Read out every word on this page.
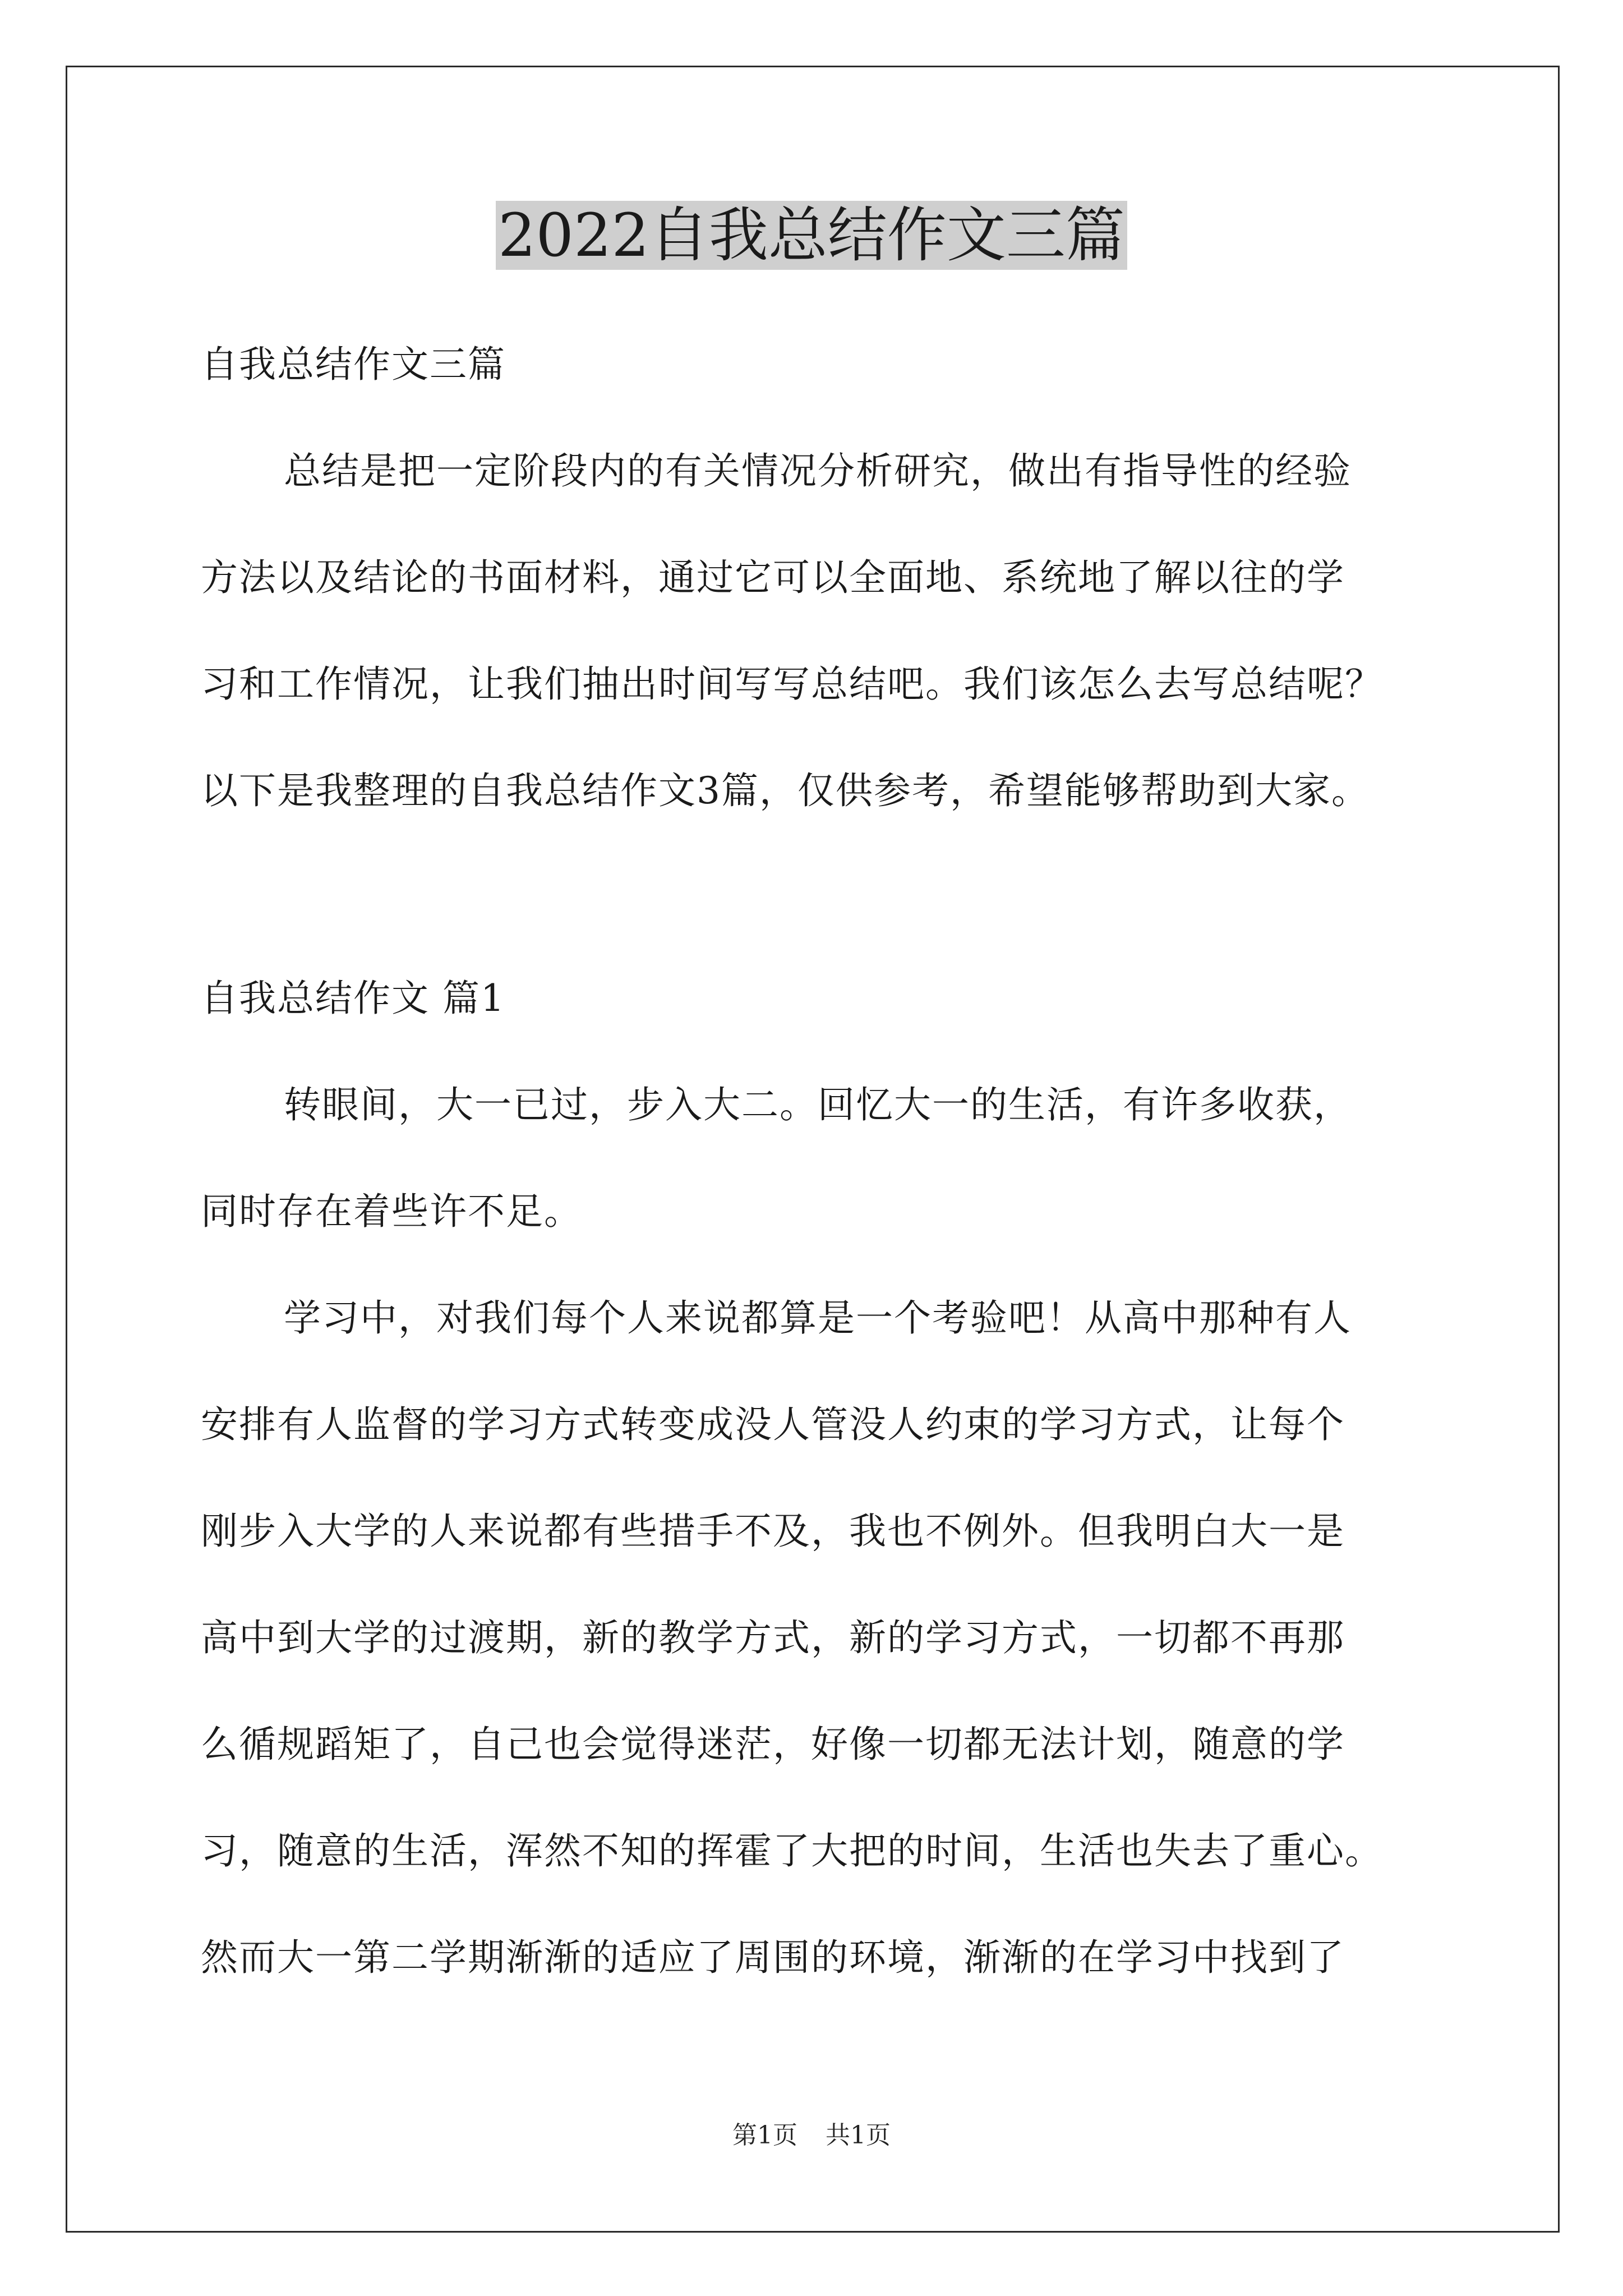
2022自我总结作文三篇
自我总结作文三篇
总结是把一定阶段内的有关情况分析研究，做出有指导性的经验
方法以及结论的书面材料，通过它可以全面地、系统地了解以往的学
习和工作情况，让我们抽出时间写写总结吧。我们该怎么去写总结呢？
以下是我整理的自我总结作文3篇，仅供参考，希望能够帮助到大家。
自我总结作文 篇1
转眼间，大一已过，步入大二。回忆大一的生活，有许多收获，
同时存在着些许不足。
学习中，对我们每个人来说都算是一个考验吧！从高中那种有人
安排有人监督的学习方式转变成没人管没人约束的学习方式，让每个
刚步入大学的人来说都有些措手不及，我也不例外。但我明白大一是
高中到大学的过渡期，新的教学方式，新的学习方式，一切都不再那
么循规蹈矩了，自己也会觉得迷茫，好像一切都无法计划，随意的学
习，随意的生活，浑然不知的挥霍了大把的时间，生活也失去了重心。
然而大一第二学期渐渐的适应了周围的环境，渐渐的在学习中找到了
第1页 共1页
